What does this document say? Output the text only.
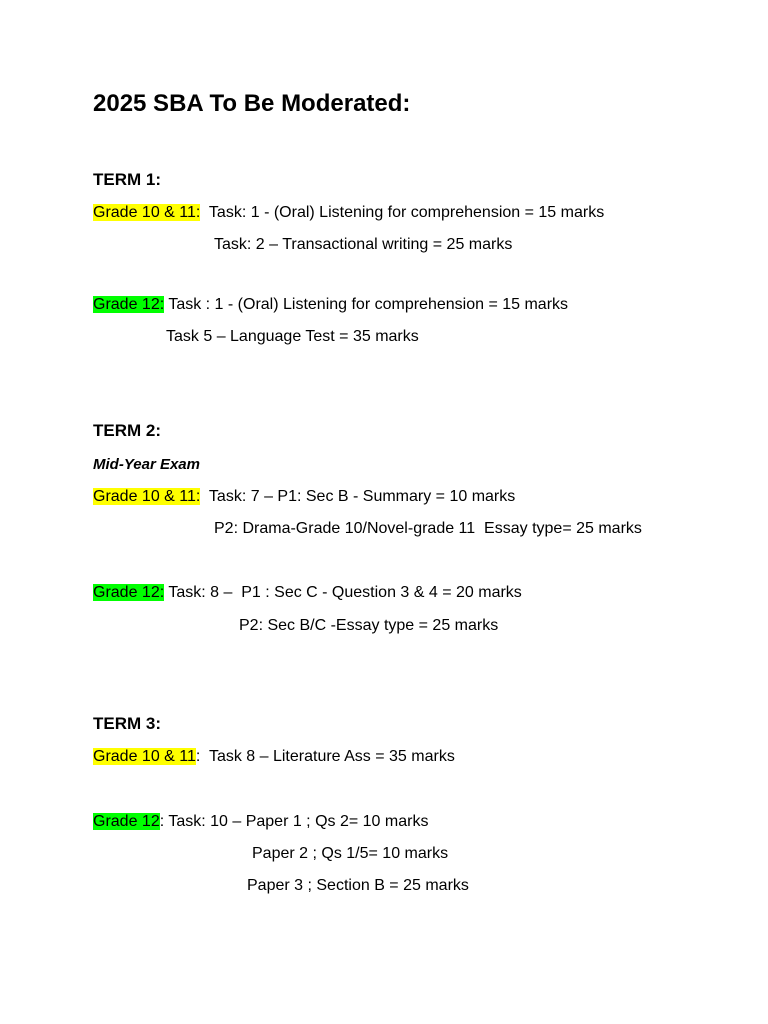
2025 SBA To Be Moderated:
TERM 1:
Grade 10 & 11:  Task: 1 - (Oral) Listening for comprehension = 15 marks
Task: 2 – Transactional writing = 25 marks
Grade 12: Task : 1 - (Oral) Listening for comprehension = 15 marks
Task 5 – Language Test = 35 marks
TERM 2:
Mid-Year Exam
Grade 10 & 11:  Task: 7 – P1: Sec B - Summary = 10 marks
P2: Drama-Grade 10/Novel-grade 11  Essay type= 25 marks
Grade 12: Task: 8 –  P1 : Sec C - Question 3 & 4 = 20 marks
P2: Sec B/C -Essay type = 25 marks
TERM 3:
Grade 10 & 11:  Task 8 – Literature Ass = 35 marks
Grade 12: Task: 10 – Paper 1 ; Qs 2= 10 marks
Paper 2 ; Qs 1/5= 10 marks
Paper 3 ; Section B = 25 marks
